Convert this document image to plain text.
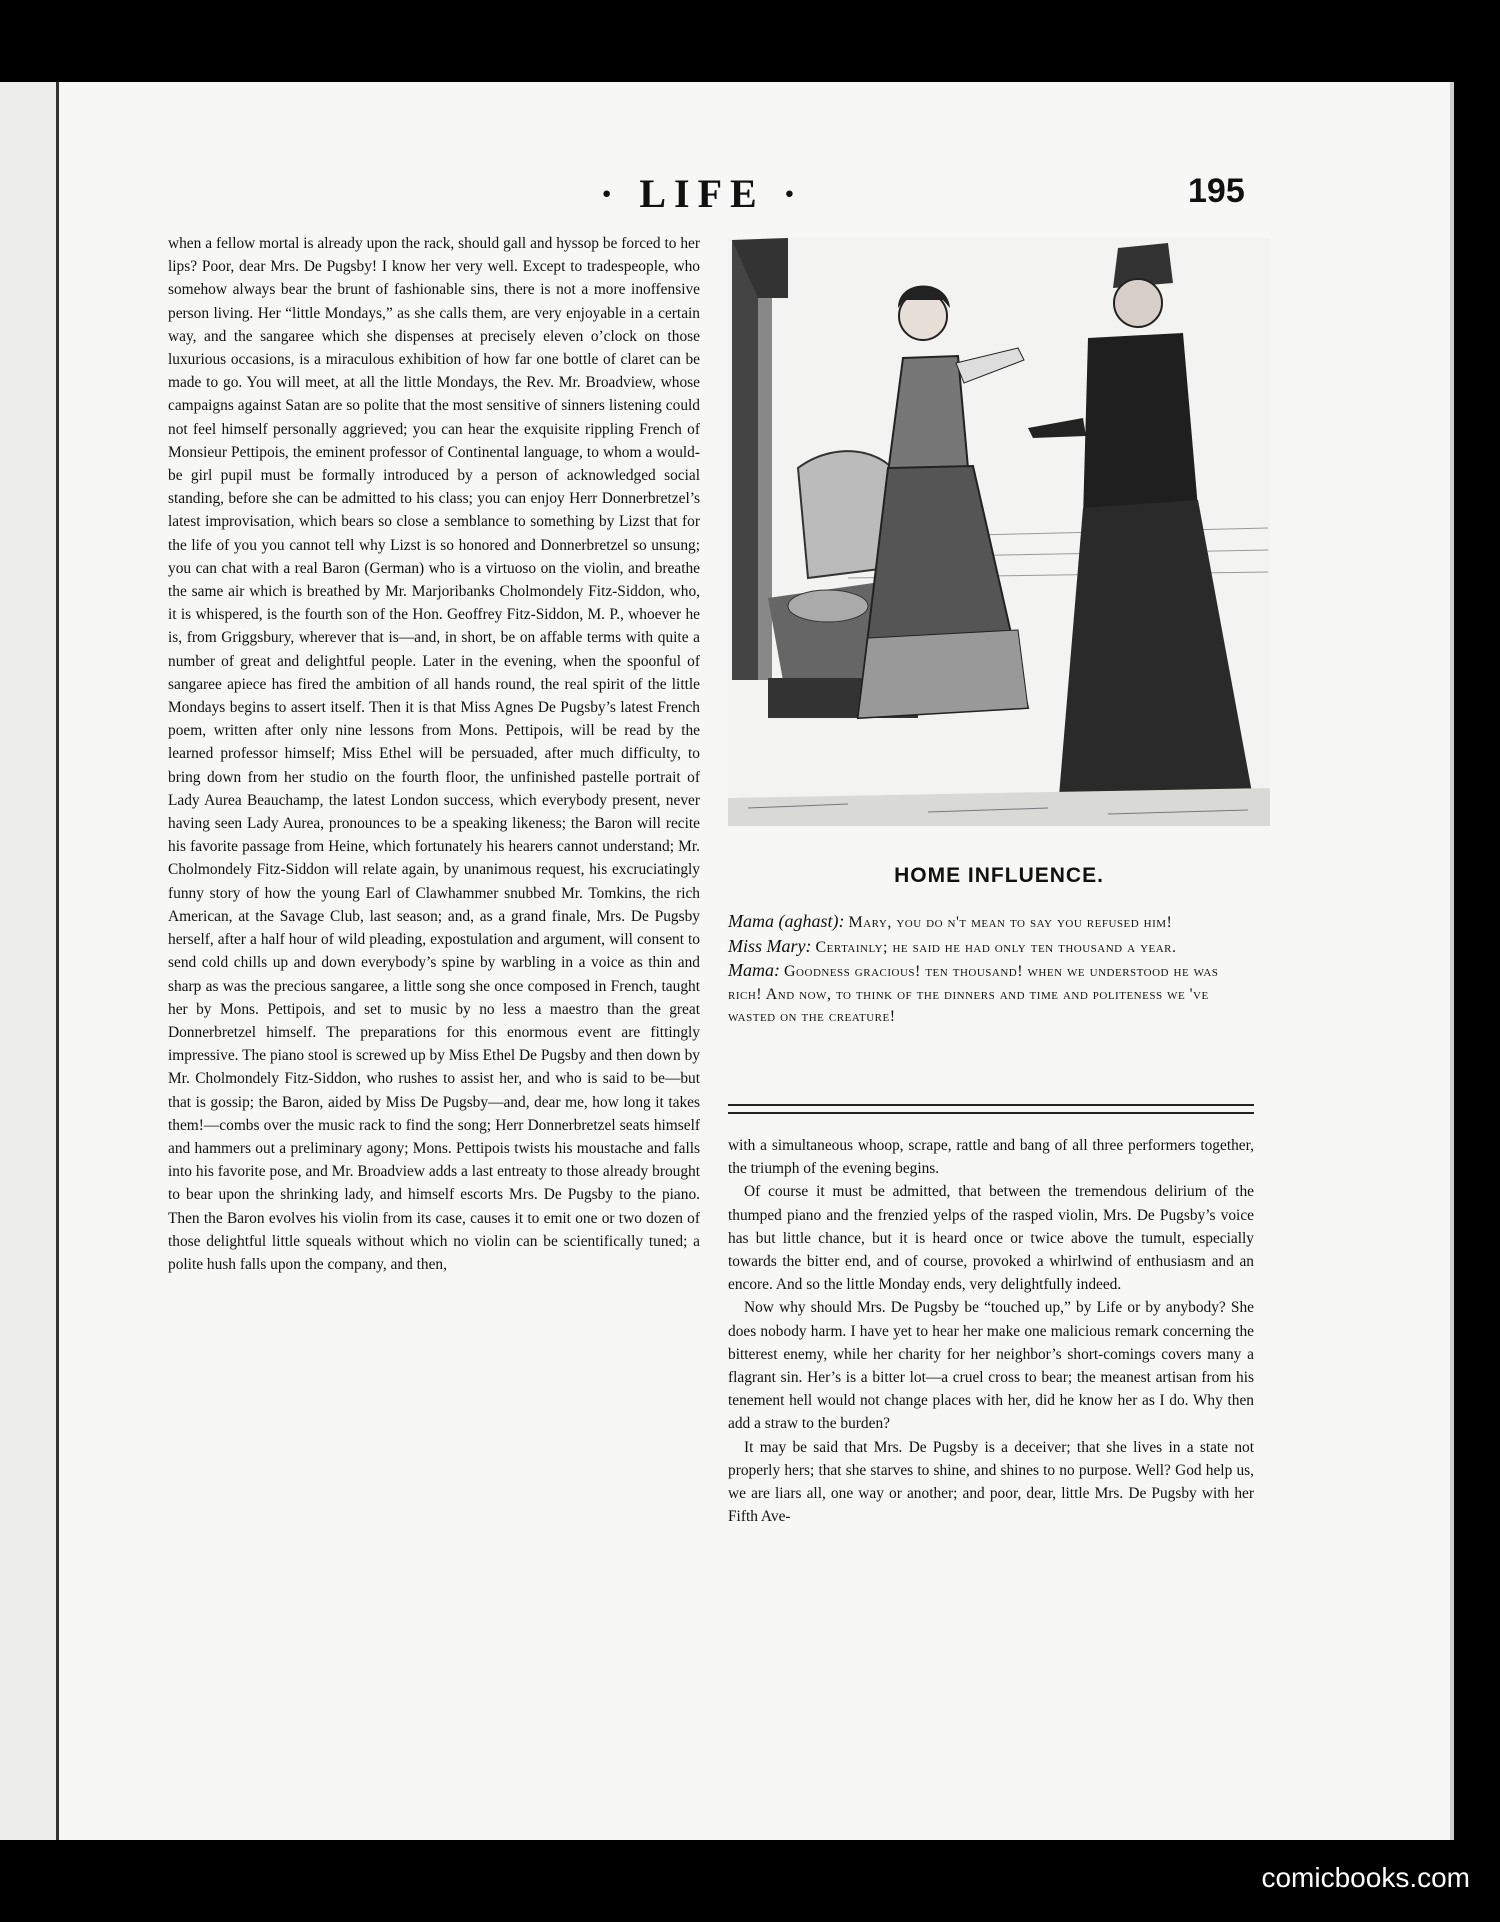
· LIFE ·	195

when a fellow mortal is already upon the rack, should gall and hyssop be forced to her lips? Poor, dear Mrs. De Pugsby! I know her very well. Except to tradespeople, who somehow always bear the brunt of fashionable sins, there is not a more inoffensive person living. Her “little Mondays,” as she calls them, are very enjoyable in a certain way, and the sangaree which she dispenses at precisely eleven o’clock on those luxurious occasions, is a miraculous exhibition of how far one bottle of claret can be made to go. You will meet, at all the little Mondays, the Rev. Mr. Broadview, whose campaigns against Satan are so polite that the most sensitive of sinners listening could not feel himself personally aggrieved; you can hear the exquisite rippling French of Monsieur Pettipois, the eminent professor of Continental language, to whom a would-be girl pupil must be formally introduced by a person of acknowledged social standing, before she can be admitted to his class; you can enjoy Herr Donnerbretzel’s latest improvisation, which bears so close a semblance to something by Lizst that for the life of you you cannot tell why Lizst is so honored and Donnerbretzel so unsung; you can chat with a real Baron (German) who is a virtuoso on the violin, and breathe the same air which is breathed by Mr. Marjoribanks Cholmondely Fitz-Siddon, who, it is whispered, is the fourth son of the Hon. Geoffrey Fitz-Siddon, M. P., whoever he is, from Griggsbury, wherever that is—and, in short, be on affable terms with quite a number of great and delightful people. Later in the evening, when the spoonful of sangaree apiece has fired the ambition of all hands round, the real spirit of the little Mondays begins to assert itself. Then it is that Miss Agnes De Pugsby’s latest French poem, written after only nine lessons from Mons. Pettipois, will be read by the learned professor himself; Miss Ethel will be persuaded, after much difficulty, to bring down from her studio on the fourth floor, the unfinished pastelle portrait of Lady Aurea Beauchamp, the latest London success, which everybody present, never having seen Lady Aurea, pronounces to be a speaking likeness; the Baron will recite his favorite passage from Heine, which fortunately his hearers cannot understand; Mr. Cholmondely Fitz-Siddon will relate again, by unanimous request, his excruciatingly funny story of how the young Earl of Clawhammer snubbed Mr. Tomkins, the rich American, at the Savage Club, last season; and, as a grand finale, Mrs. De Pugsby herself, after a half hour of wild pleading, expostulation and argument, will consent to send cold chills up and down everybody’s spine by warbling in a voice as thin and sharp as was the precious sangaree, a little song she once composed in French, taught her by Mons. Pettipois, and set to music by no less a maestro than the great Donnerbretzel himself. The preparations for this enormous event are fittingly impressive. The piano stool is screwed up by Miss Ethel De Pugsby and then down by Mr. Cholmondely Fitz-Siddon, who rushes to assist her, and who is said to be—but that is gossip; the Baron, aided by Miss De Pugsby—and, dear me, how long it takes them!—combs over the music rack to find the song; Herr Donnerbretzel seats himself and hammers out a preliminary agony; Mons. Pettipois twists his moustache and falls into his favorite pose, and Mr. Broadview adds a last entreaty to those already brought to bear upon the shrinking lady, and himself escorts Mrs. De Pugsby to the piano. Then the Baron evolves his violin from its case, causes it to emit one or two dozen of those delightful little squeals without which no violin can be scientifically tuned; a polite hush falls upon the company, and then,

HOME INFLUENCE.

Mama (aghast): Mary, you do n't mean to say you refused him!

Miss Mary: Certainly; he said he had only ten thousand a year.

Mama: Goodness gracious! ten thousand! when we understood he was rich! And now, to think of the dinners and time and politeness we 've wasted on the creature!

with a simultaneous whoop, scrape, rattle and bang of all three performers together, the triumph of the evening begins.

Of course it must be admitted, that between the tremendous delirium of the thumped piano and the frenzied yelps of the rasped violin, Mrs. De Pugsby’s voice has but little chance, but it is heard once or twice above the tumult, especially towards the bitter end, and of course, provoked a whirlwind of enthusiasm and an encore. And so the little Monday ends, very delightfully indeed.

Now why should Mrs. De Pugsby be “touched up,” by Life or by anybody? She does nobody harm. I have yet to hear her make one malicious remark concerning the bitterest enemy, while her charity for her neighbor’s short-comings covers many a flagrant sin. Her’s is a bitter lot—a cruel cross to bear; the meanest artisan from his tenement hell would not change places with her, did he know her as I do. Why then add a straw to the burden?

It may be said that Mrs. De Pugsby is a deceiver; that she lives in a state not properly hers; that she starves to shine, and shines to no purpose. Well? God help us, we are liars all, one way or another; and poor, dear, little Mrs. De Pugsby with her Fifth Ave-

comicbooks.com
